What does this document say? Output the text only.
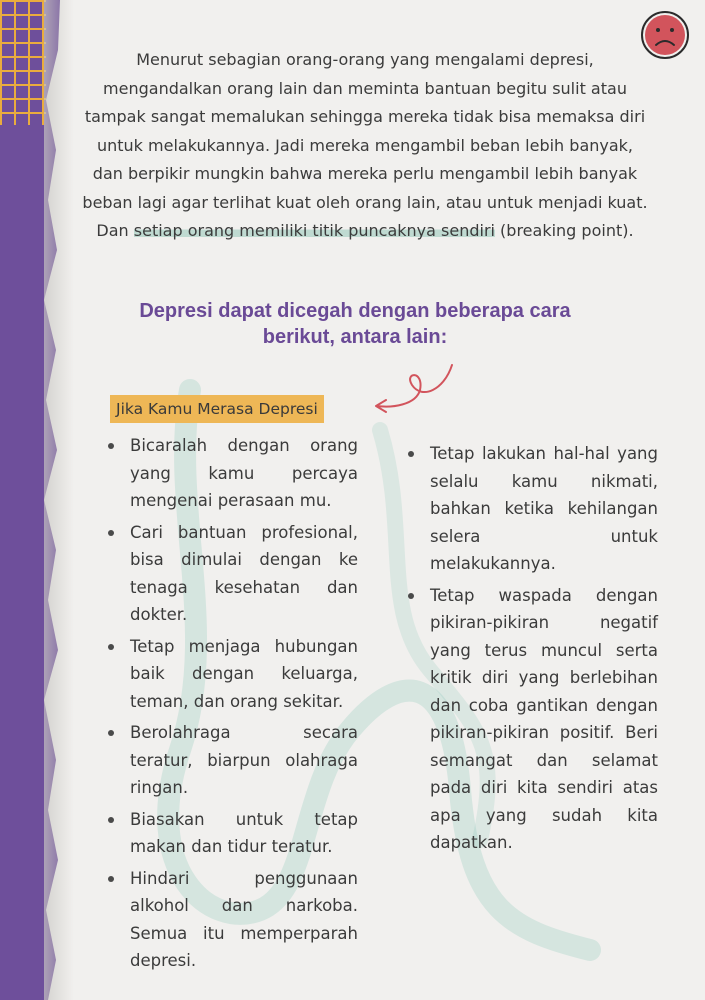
Menurut sebagian orang-orang yang mengalami depresi, mengandalkan orang lain dan meminta bantuan begitu sulit atau tampak sangat memalukan sehingga mereka tidak bisa memaksa diri untuk melakukannya. Jadi mereka mengambil beban lebih banyak, dan berpikir mungkin bahwa mereka perlu mengambil lebih banyak beban lagi agar terlihat kuat oleh orang lain, atau untuk menjadi kuat. Dan setiap orang memiliki titik puncaknya sendiri (breaking point).

Depresi dapat dicegah dengan beberapa cara berikut, antara lain:
Jika Kamu Merasa Depresi
Bicaralah dengan orang yang kamu percaya mengenai perasaan mu.
Cari bantuan profesional, bisa dimulai dengan ke tenaga kesehatan dan dokter.
Tetap menjaga hubungan baik dengan keluarga, teman, dan orang sekitar.
Berolahraga secara teratur, biarpun olahraga ringan.
Biasakan untuk tetap makan dan tidur teratur.
Hindari penggunaan alkohol dan narkoba. Semua itu memperparah depresi.
Tetap lakukan hal-hal yang selalu kamu nikmati, bahkan ketika kehilangan selera untuk melakukannya.
Tetap waspada dengan pikiran-pikiran negatif yang terus muncul serta kritik diri yang berlebihan dan coba gantikan dengan pikiran-pikiran positif. Beri semangat dan selamat pada diri kita sendiri atas apa yang sudah kita dapatkan.
